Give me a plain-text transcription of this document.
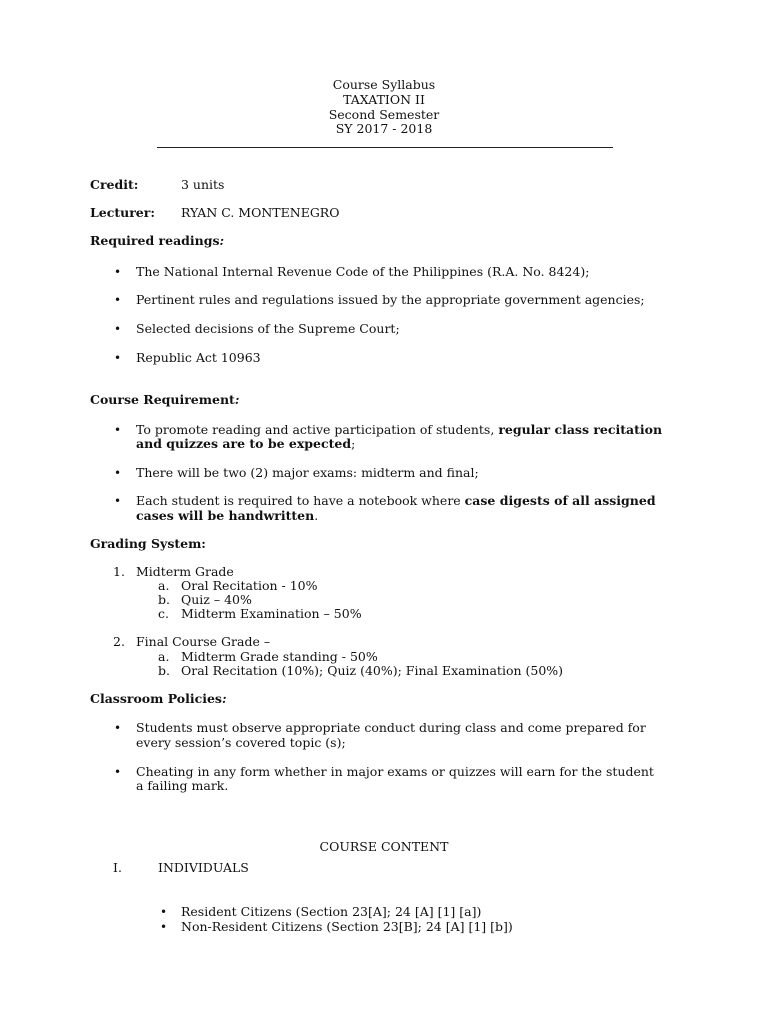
Course Syllabus
TAXATION II
Second Semester
SY 2017 - 2018
Credit:	3 units
Lecturer: RYAN C. MONTENEGRO
Required readings:
• The National Internal Revenue Code of the Philippines (R.A. No. 8424);
• Pertinent rules and regulations issued by the appropriate government agencies;
• Selected decisions of the Supreme Court;
• Republic Act 10963
Course Requirement:
• To promote reading and active participation of students, regular class recitation
and quizzes are to be expected;
• There will be two (2) major exams: midterm and final;
• Each student is required to have a notebook where case digests of all assigned
cases will be handwritten.
Grading System:
1. Midterm Grade
a. Oral Recitation - 10%
b. Quiz – 40%
c. Midterm Examination – 50%
2. Final Course Grade –
a. Midterm Grade standing - 50%
b. Oral Recitation (10%); Quiz (40%); Final Examination (50%)
Classroom Policies:
• Students must observe appropriate conduct during class and come prepared for
every session’s covered topic (s);
• Cheating in any form whether in major exams or quizzes will earn for the student
a failing mark.
COURSE CONTENT
I.	INDIVIDUALS
• Resident Citizens (Section 23[A]; 24 [A] [1] [a])
• Non-Resident Citizens (Section 23[B]; 24 [A] [1] [b])
